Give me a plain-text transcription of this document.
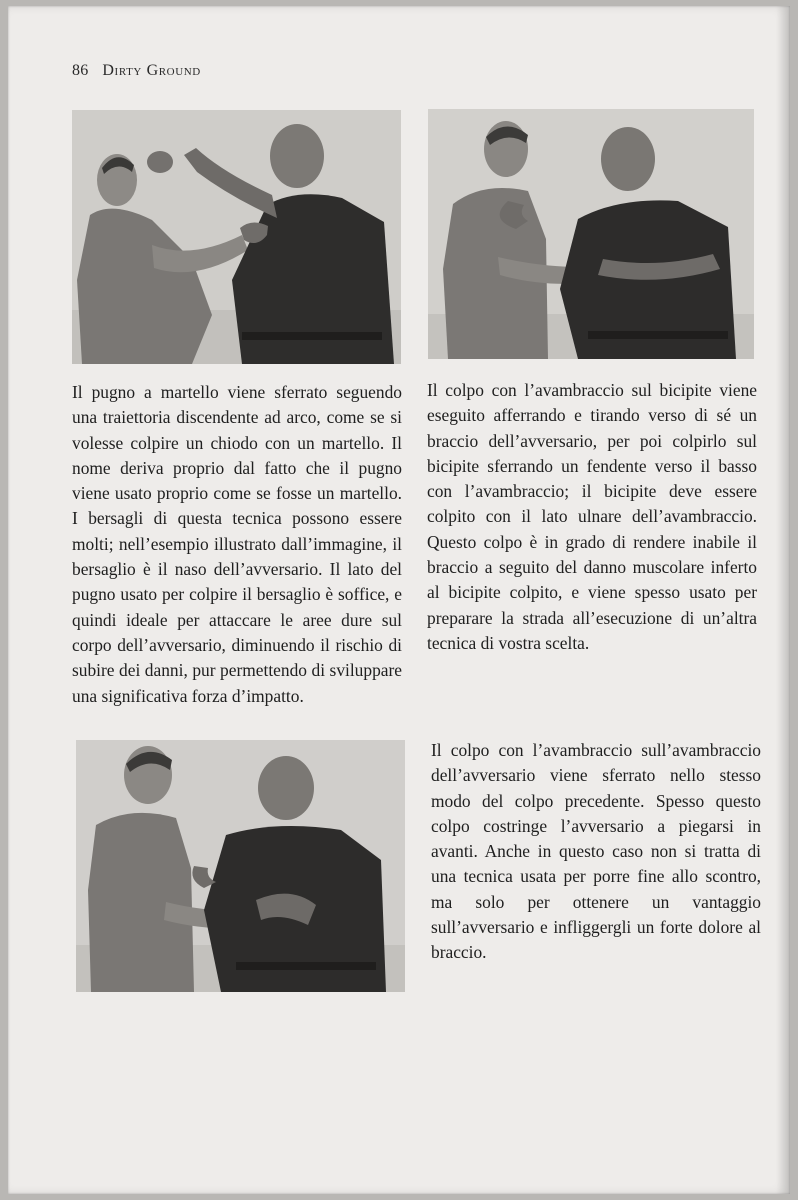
86 Dirty Ground

Il pugno a martello viene sferrato seguendo una traiettoria discendente ad arco, come se si volesse colpire un chiodo con un martello. Il nome deriva proprio dal fatto che il pugno viene usato proprio come se fosse un martello. I bersagli di questa tecnica possono essere molti; nell’esempio illustrato dall’immagine, il bersaglio è il naso dell’avversario. Il lato del pugno usato per colpire il bersaglio è soffice, e quindi ideale per attaccare le aree dure sul corpo dell’avversario, diminuendo il rischio di subire dei danni, pur permettendo di sviluppare una significativa forza d’impatto.

Il colpo con l’avambraccio sul bicipite viene eseguito afferrando e tirando verso di sé un braccio dell’avversario, per poi colpirlo sul bicipite sferrando un fendente verso il basso con l’avambraccio; il bicipite deve essere colpito con il lato ulnare dell’avambraccio. Questo colpo è in grado di rendere inabile il braccio a seguito del danno muscolare inferto al bicipite colpito, e viene spesso usato per preparare la strada all’esecuzione di un’altra tecnica di vostra scelta.

Il colpo con l’avambraccio sull’avambraccio dell’avversario viene sferrato nello stesso modo del colpo precedente. Spesso questo colpo costringe l’avversario a piegarsi in avanti. Anche in questo caso non si tratta di una tecnica usata per porre fine allo scontro, ma solo per ottenere un vantaggio sull’avversario e infliggergli un forte dolore al braccio.
